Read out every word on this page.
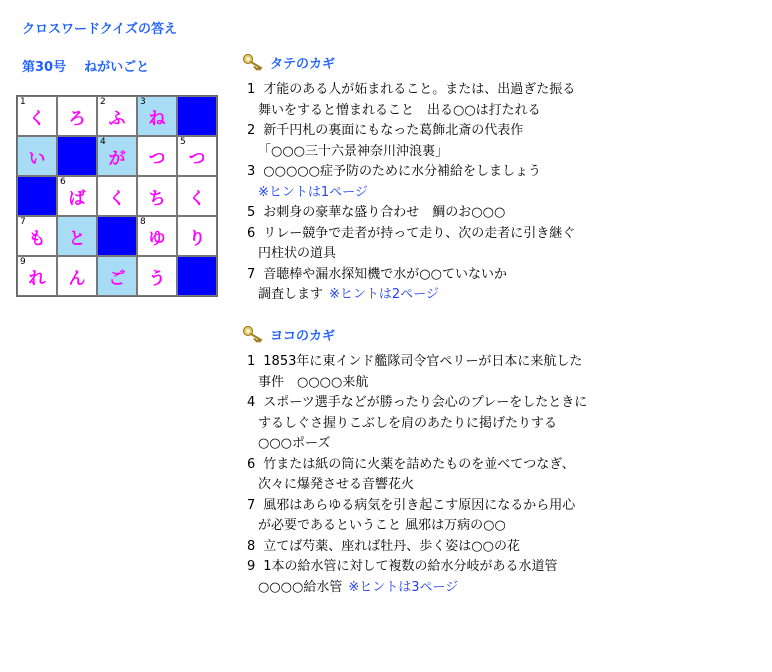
クロスワードクイズの答え
第30号 ねがいごと
1
く ろ
2
ふ
3
ね
い
4
が つ
5
つ
6
ば く ち く
7
も と
8
ゆ り
9
れ ん ご う
タテのカギ
1 才能のある人が妬まれること。または、出過ぎた振る
舞いをすると憎まれること　出る○○は打たれる
2 新千円札の裏面にもなった葛飾北斎の代表作
「○○○三十六景神奈川沖浪裏」
3 ○○○○○症予防のために水分補給をしましょう
※ヒントは1ページ
5 お刺身の豪華な盛り合わせ　鯛のお○○○
6 リレー競争で走者が持って走り、次の走者に引き継ぐ
円柱状の道具
7 音聴棒や漏水探知機で水が○○ていないか
調査します ※ヒントは2ページ
ヨコのカギ
1 1853年に東インド艦隊司令官ペリーが日本に来航した
事件　○○○○来航
4 スポーツ選手などが勝ったり会心のプレーをしたときに
するしぐさ握りこぶしを肩のあたりに掲げたりする
○○○ポーズ
6 竹または紙の筒に火薬を詰めたものを並べてつなぎ、
次々に爆発させる音響花火
7 風邪はあらゆる病気を引き起こす原因になるから用心
が必要であるということ 風邪は万病の○○
8 立てば芍薬、座れば牡丹、歩く姿は○○の花
9 1本の給水管に対して複数の給水分岐がある水道管
○○○○給水管 ※ヒントは3ページ
